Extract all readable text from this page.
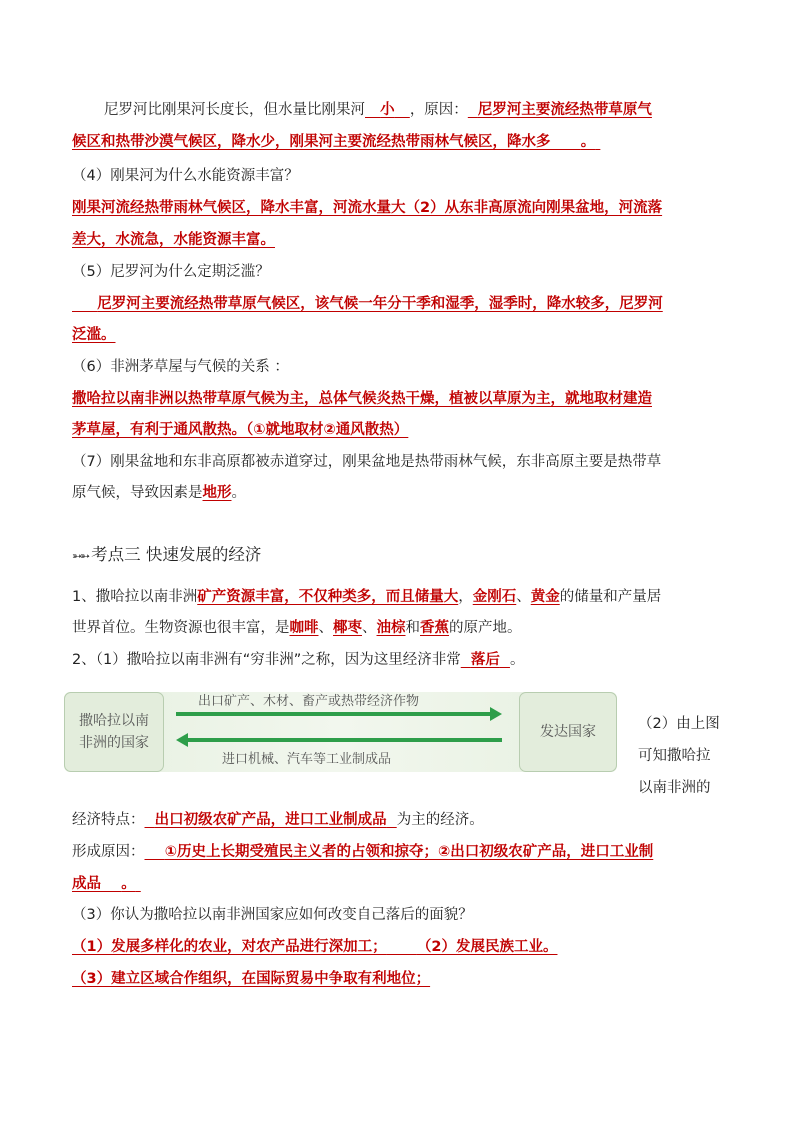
尼罗河比刚果河长度长，但水量比刚果河 小 ，原因： 尼罗河主要流经热带草原气
候区和热带沙漠气候区，降水少，刚果河主要流经热带雨林气候区，降水多 。
（4）刚果河为什么水能资源丰富？
刚果河流经热带雨林气候区，降水丰富，河流水量大（2）从东非高原流向刚果盆地，河流落
差大，水流急，水能资源丰富。
（5）尼罗河为什么定期泛滥？
尼罗河主要流经热带草原气候区，该气候一年分干季和湿季，湿季时，降水较多，尼罗河
泛滥。
（6）非洲茅草屋与气候的关系 ：
撒哈拉以南非洲以热带草原气候为主，总体气候炎热干燥，植被以草原为主，就地取材建造
茅草屋，有利于通风散热。（①就地取材②通风散热）
（7）刚果盆地和东非高原都被赤道穿过，刚果盆地是热带雨林气候，东非高原主要是热带草
原气候，导致因素是地形。
➳➳ 考点三 快速发展的经济
1、撒哈拉以南非洲矿产资源丰富，不仅种类多，而且储量大，金刚石、黄金的储量和产量居
世界首位。生物资源也很丰富，是咖啡、椰枣、油棕和香蕉的原产地。
2、（1）撒哈拉以南非洲有“穷非洲”之称，因为这里经济非常 落后 。
撒哈拉以南
非洲的国家
出口矿产、木材、畜产或热带经济作物
进口机械、汽车等工业制成品
发达国家	（2）由上图
可知撒哈拉
以南非洲的
经济特点： 出口初级农矿产品，进口工业制成品 为主的经济。
形成原因： ①历史上长期受殖民主义者的占领和掠夺；②出口初级农矿产品，进口工业制
成品 。
（3）你认为撒哈拉以南非洲国家应如何改变自己落后的面貌？
（1）发展多样化的农业，对农产品进行深加工； （2）发展民族工业。
（3）建立区域合作组织，在国际贸易中争取有利地位；
